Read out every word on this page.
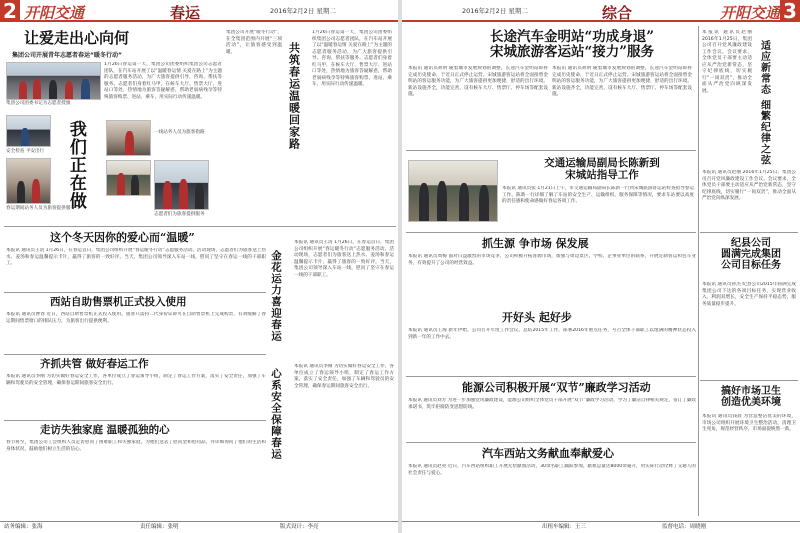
2 开阳交通	春运	2016年2月2日 星期二
让爱走出心向何
集团公司开展青年志愿者春运“暖冬行动”
集团公司团委书记为志愿者授旗
1月26日春运第一天，集团公司团委组织集团公司志愿者团队，在汽车站开展了以“温暖春运情 关爱在路上”为主题的志愿者服务活动，为广大旅客提供引导、咨询、帮扶等服务。志愿者们身着红马甲，在候车大厅、售票大厅、进站口等处，热情地为旅客答疑解惑，帮助老弱病残孕等特殊旅客购票、进站、乘车，用实际行动传递温暖。
安全检查 平安出行 我们正在做
春运期间站务人员为旅客提供服务
一线站务人员为旅客指路
志愿者们为旅客提供服务
集团公司开展“暖冬行动”，在全集团范围内开展“三项活动”，让旅客感受到温暖。	共筑春运温暖回家路
1月26日春运第一天，集团公司团委组织集团公司志愿者团队，在汽车站开展了以“温暖春运情 关爱在路上”为主题的志愿者服务活动，为广大旅客提供引导、咨询、帮扶等服务。志愿者们身着红马甲，在候车大厅、售票大厅、进站口等处，热情地为旅客答疑解惑，帮助老弱病残孕等特殊旅客购票、进站、乘车，用实际行动传递温暖。
这个冬天因你的爱心而“温暖”
本报讯 通讯员王清 1月26日，在春运首日，集团公司组织开展“春运暖冬行动”志愿服务活动。活动现场，志愿者们为旅客送上热水、姜汤和春运温馨提示卡片，赢得了旅客的一致好评。当天，集团公司领导深入车站一线，慰问了坚守在春运一线的干部职工。	金花运力喜迎春运
本报讯 通讯员王清 1月26日，在春运首日，集团公司组织开展“春运暖冬行动”志愿服务活动。活动现场，志愿者们为旅客送上热水、姜汤和春运温馨提示卡片，赢得了旅客的一致好评。当天，集团公司领导深入车站一线，慰问了坚守在春运一线的干部职工。
西站自助售票机正式投入使用
本报讯 通讯员曹春 近日，西站自助售票机正式投入使用。旅客只需持二代身份证即可在自助售票机上完成购票，有效缓解了春运期间售票窗口的排队压力，为旅客出行提供便利。
齐抓共管 做好春运工作
本报讯 通讯员李刚 为切实做好春运安全工作，各单位成立了春运领导小组，制定了春运工作方案，落实了安全责任，加强了车辆和驾驶员的安全管理，确保春运期间旅客安全出行。	心系安全保障春运
本报讯 通讯员李刚 为切实做好春运安全工作，各单位成立了春运领导小组，制定了春运工作方案，落实了安全责任，加强了车辆和驾驶员的安全管理，确保春运期间旅客安全出行。
走访失独家庭 温暖孤独的心
春节将至，集团公司工会组织人员走访慰问了困难职工和失独家庭，为他们送去了慰问金和慰问品，并详细询问了他们的生活和身体状况，鼓励他们树立生活的信心。
站务编辑：张海	责任编辑：张明	版式设计：李亮
2016年2月2日 星期二	综合	开阳交通 3
长途汽车金明站“功成身退”
宋城旅游客运站“接力”服务
本报讯 通讯员胡明 随着城市发展规划的调整，长途汽车金明站即将完成历史使命，于近日正式停止运营。宋城旅游客运站将全面接替金明站的客运服务功能，为广大旅客提供更加便捷、舒适的出行环境。新站设施齐全，功能完善，设有候车大厅、售票厅、停车场等配套设施。
本报讯 通讯员胡明 随着城市发展规划的调整，长途汽车金明站即将完成历史使命，于近日正式停止运营。宋城旅游客运站将全面接替金明站的客运服务功能，为广大旅客提供更加便捷、舒适的出行环境。新站设施齐全，功能完善，设有候车大厅、售票厅、停车场等配套设施。
交通运输局副局长陈新到
宋城站指导工作
本报讯 通讯员张 1月21日上午，市交通运输局副局长陈新一行到宋城旅游客运站检查指导春运工作。陈新一行详细了解了车站的安全生产、运输组织、服务保障等情况，要求车站要以高度的责任感和使命感做好春运各项工作。
抓生源 争市场 保发展
本报讯 通讯员周梅 面对日益激烈的市场竞争，公司积极开拓客源市场，加强与周边景区、学校、企事业单位的联系，开展定制客运和包车业务，有效提升了公司的经营效益。
开好头 起好步
本报讯 通讯员王海 新年伊始，公司召开年度工作会议，总结2015年工作，部署2016年重点任务，号召全体干部职工以饱满的精神状态投入到新一年的工作中去。
能源公司积极开展“双节”廉政学习活动
本报讯 通讯员刘芳 为进一步加强党风廉政建设，能源公司组织全体党员干部开展“双节”廉政学习活动，学习了廉洁自律相关规定，签订了廉政承诺书，筑牢拒腐防变思想防线。
汽车西站文务献血奉献爱心
本报讯 通讯员赵亮 近日，汽车西站组织职工开展无偿献血活动，30余名职工踊跃参加，献血总量达8000余毫升，用实际行动诠释了交通人的社会责任与爱心。
本报讯 通讯员赵丽 2016年1月25日，集团公司召开党风廉政建设工作会议。会议要求，全体党员干部要主动适应从严治党新常态，坚守纪律底线，切实履行“一岗双责”，推动全面从严治党向纵深发展。	适应新常态 细繁纪律之弦
本报讯 通讯员赵丽 2016年1月25日，集团公司召开党风廉政建设工作会议。会议要求，全体党员干部要主动适应从严治党新常态，坚守纪律底线，切实履行“一岗双责”，推动全面从严治党向纵深发展。
纪县公司
圆满完成集团
公司目标任务
本报讯 通讯员孙杰 纪县公司2015年圆满完成集团公司下达的各项目标任务，实现营业收入、利润双增长，安全生产保持平稳态势，服务质量稳步提升。
搞好市场卫生
创造优美环境
本报讯 通讯员钱晨 为营造整洁优美的环境，市场公司组织开展环境卫生整治活动，清理卫生死角，规范经营秩序，市场面貌焕然一新。
出租车编辑：王三	监督电话：周晓刚
